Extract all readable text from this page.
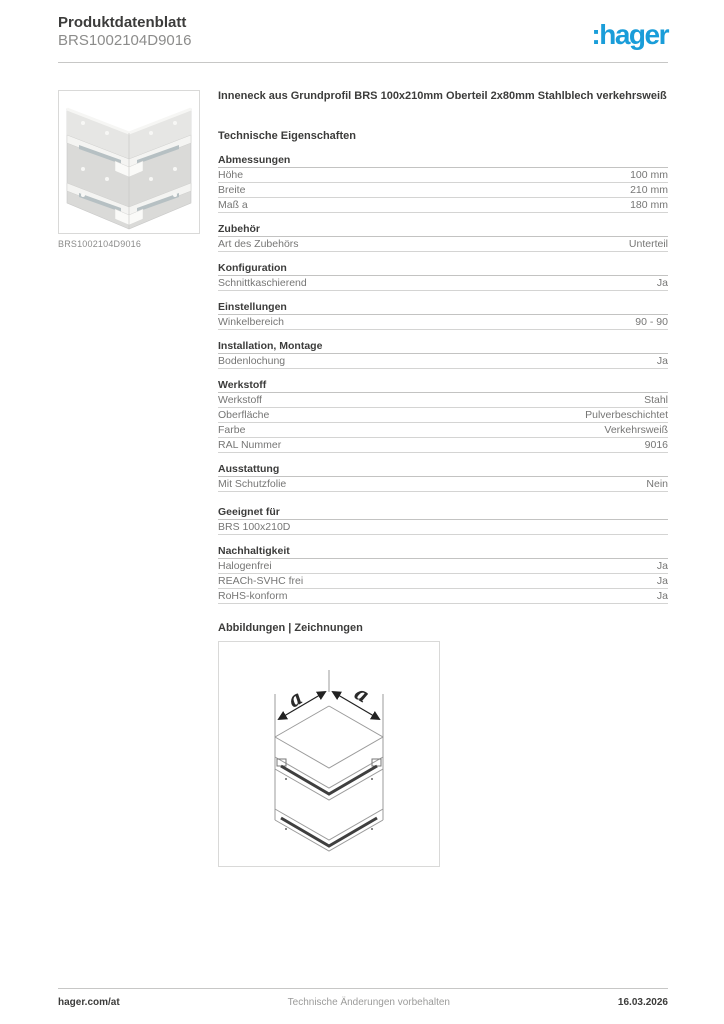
Produktdatenblatt
BRS1002104D9016	:hager
BRS1002104D9016

Inneneck aus Grundprofil BRS 100x210mm Oberteil 2x80mm Stahlblech verkehrsweiß

Technische Eigenschaften
Abmessungen
Höhe	100 mm
Breite	210 mm
Maß a	180 mm
Zubehör
Art des Zubehörs	Unterteil
Konfiguration
Schnittkaschierend	Ja
Einstellungen
Winkelbereich	90 - 90
Installation, Montage
Bodenlochung	Ja
Werkstoff
Werkstoff	Stahl
Oberfläche	Pulverbeschichtet
Farbe	Verkehrsweiß
RAL Nummer	9016
Ausstattung
Mit Schutzfolie	Nein
Geeignet für
BRS 100x210D
Nachhaltigkeit
Halogenfrei	Ja
REACh-SVHC frei	Ja
RoHS-konform	Ja
Abbildungen | Zeichnungen
a a
hager.com/at	Technische Änderungen vorbehalten	16.03.2026
